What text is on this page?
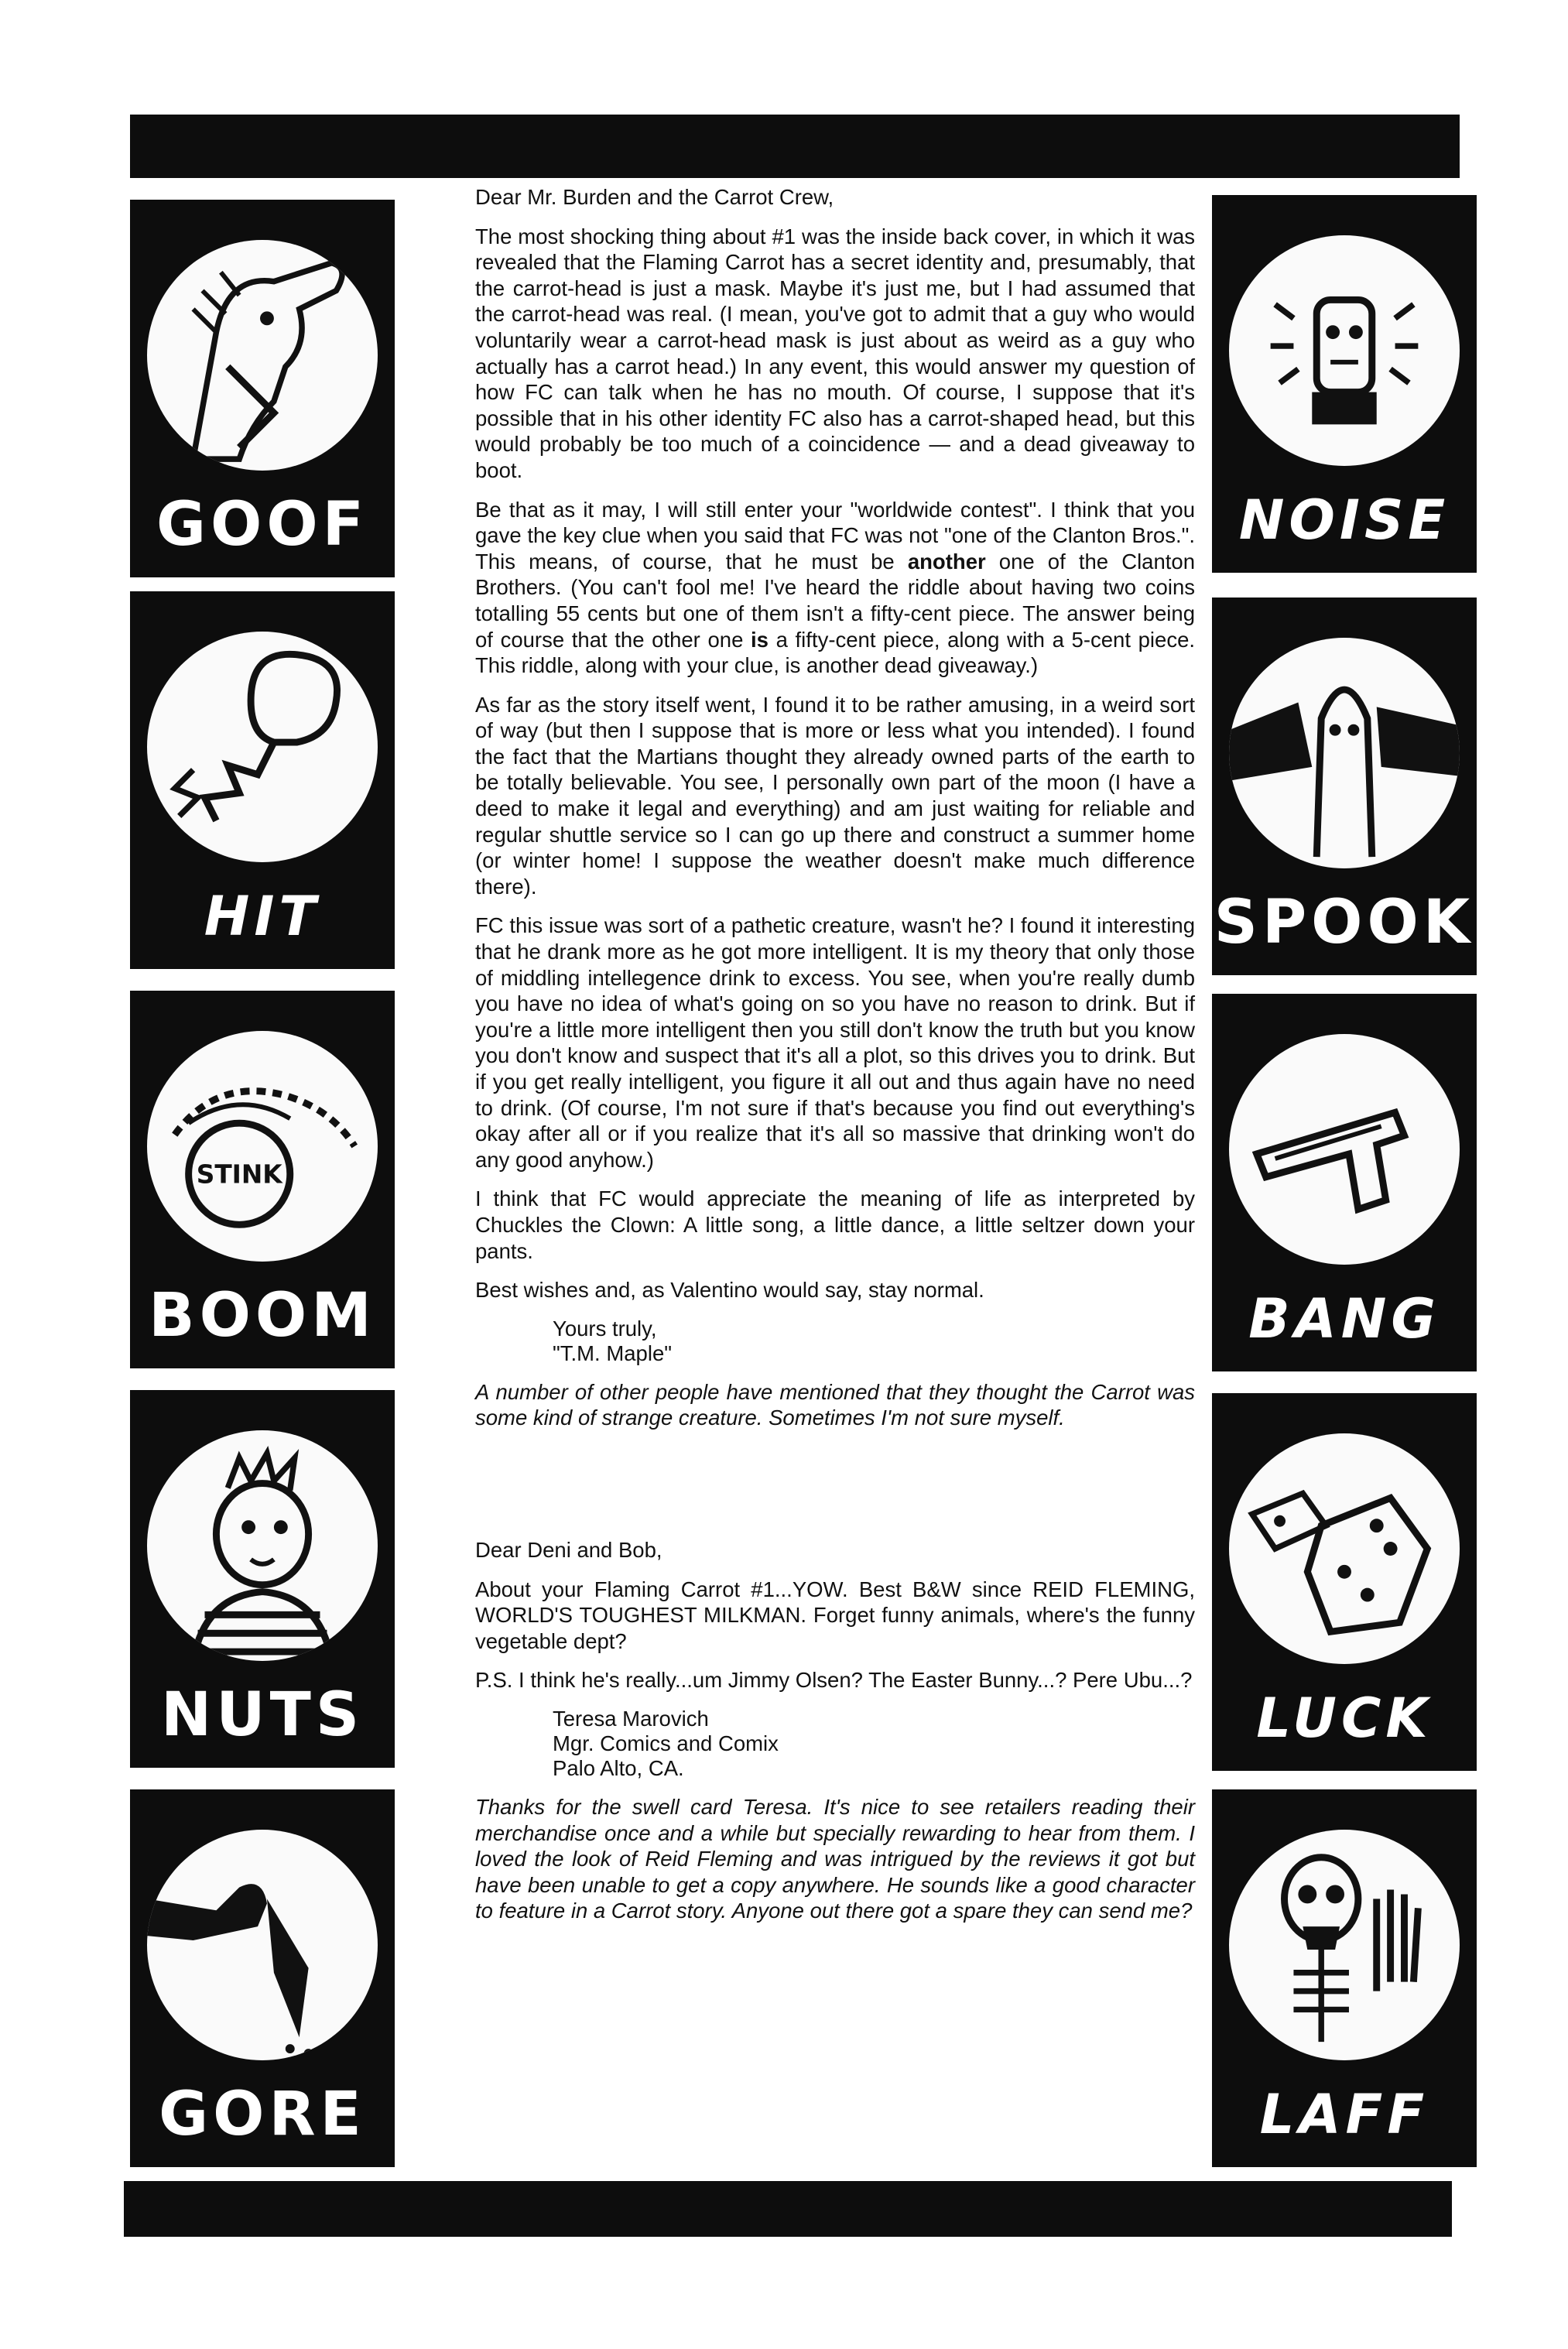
GOOF
HIT
STINK
BOOM
NUTS
GORE
NOISE
SPOOK
BANG
LUCK
LAFF

Dear Mr. Burden and the Carrot Crew,

The most shocking thing about #1 was the inside back cover, in which it was revealed that the Flaming Carrot has a secret identity and, presumably, that the carrot-head is just a mask. Maybe it's just me, but I had assumed that the carrot-head was real. (I mean, you've got to admit that a guy who would voluntarily wear a carrot-head mask is just about as weird as a guy who actually has a carrot head.) In any event, this would answer my question of how FC can talk when he has no mouth. Of course, I suppose that it's possible that in his other identity FC also has a carrot-shaped head, but this would probably be too much of a coincidence — and a dead giveaway to boot.

Be that as it may, I will still enter your "worldwide contest". I think that you gave the key clue when you said that FC was not "one of the Clanton Bros.". This means, of course, that he must be another one of the Clanton Brothers. (You can't fool me! I've heard the riddle about having two coins totalling 55 cents but one of them isn't a fifty-cent piece. The answer being of course that the other one is a fifty-cent piece, along with a 5-cent piece. This riddle, along with your clue, is another dead giveaway.)

As far as the story itself went, I found it to be rather amusing, in a weird sort of way (but then I suppose that is more or less what you intended). I found the fact that the Martians thought they already owned parts of the earth to be totally believable. You see, I personally own part of the moon (I have a deed to make it legal and everything) and am just waiting for reliable and regular shuttle service so I can go up there and construct a summer home (or winter home! I suppose the weather doesn't make much difference there).

FC this issue was sort of a pathetic creature, wasn't he? I found it interesting that he drank more as he got more intelligent. It is my theory that only those of middling intellegence drink to excess. You see, when you're really dumb you have no idea of what's going on so you have no reason to drink. But if you're a little more intelligent then you still don't know the truth but you know you don't know and suspect that it's all a plot, so this drives you to drink. But if you get really intelligent, you figure it all out and thus again have no need to drink. (Of course, I'm not sure if that's because you find out everything's okay after all or if you realize that it's all so massive that drinking won't do any good anyhow.)

I think that FC would appreciate the meaning of life as interpreted by Chuckles the Clown: A little song, a little dance, a little seltzer down your pants.

Best wishes and, as Valentino would say, stay normal.

Yours truly,
"T.M. Maple"

A number of other people have mentioned that they thought the Carrot was some kind of strange creature. Sometimes I'm not sure myself.

Dear Deni and Bob,

About your Flaming Carrot #1...YOW. Best B&W since REID FLEMING, WORLD'S TOUGHEST MILKMAN. Forget funny animals, where's the funny vegetable dept?

P.S. I think he's really...um Jimmy Olsen? The Easter Bunny...? Pere Ubu...?

Teresa Marovich
Mgr. Comics and Comix
Palo Alto, CA.

Thanks for the swell card Teresa. It's nice to see retailers reading their merchandise once and a while but specially rewarding to hear from them. I loved the look of Reid Fleming and was intrigued by the reviews it got but have been unable to get a copy anywhere. He sounds like a good character to feature in a Carrot story. Anyone out there got a spare they can send me?
